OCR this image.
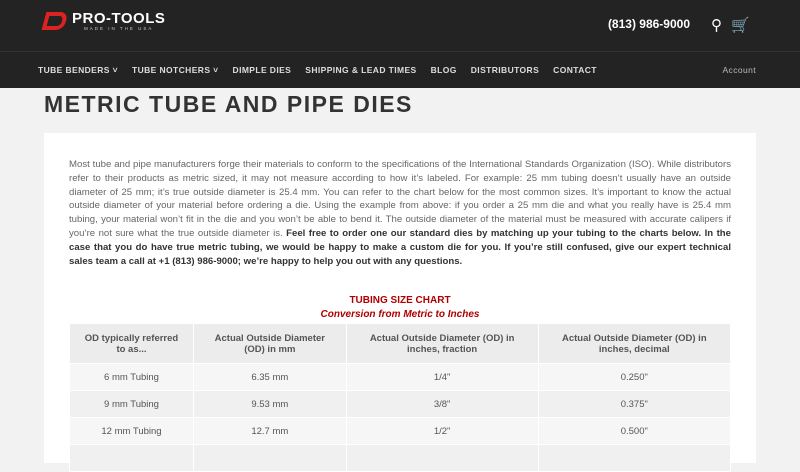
PRO-TOOLS
MADE IN THE USA	(813) 986-9000 ⚲ 🛒
TUBE BENDERS ˅ TUBE NOTCHERS ˅ DIMPLE DIES SHIPPING & LEAD TIMES BLOG DISTRIBUTORS CONTACT	Account
METRIC TUBE AND PIPE DIES

Most tube and pipe manufacturers forge their materials to conform to the specifications of the International Standards Organization (ISO). While distributors refer to their products as metric sized, it may not measure according to how it’s labeled. For example: 25 mm tubing doesn’t usually have an outside diameter of 25 mm; it’s true outside diameter is 25.4 mm. You can refer to the chart below for the most common sizes. It’s important to know the actual outside diameter of your material before ordering a die. Using the example from above: if you order a 25 mm die and what you really have is 25.4 mm tubing, your material won’t fit in the die and you won’t be able to bend it. The outside diameter of the material must be measured with accurate calipers if you’re not sure what the true outside diameter is. Feel free to order one our standard dies by matching up your tubing to the charts below. In the case that you do have true metric tubing, we would be happy to make a custom die for you. If you’re still confused, give our expert technical sales team a call at +1 (813) 986-9000; we’re happy to help you out with any questions.

TUBING SIZE CHART
Conversion from Metric to Inches
OD typically referred to as...	Actual Outside Diameter (OD) in mm	Actual Outside Diameter (OD) in inches, fraction	Actual Outside Diameter (OD) in inches, decimal
6 mm Tubing	6.35 mm	1/4"	0.250"
9 mm Tubing	9.53 mm	3/8"	0.375"
12 mm Tubing	12.7 mm	1/2"	0.500"
